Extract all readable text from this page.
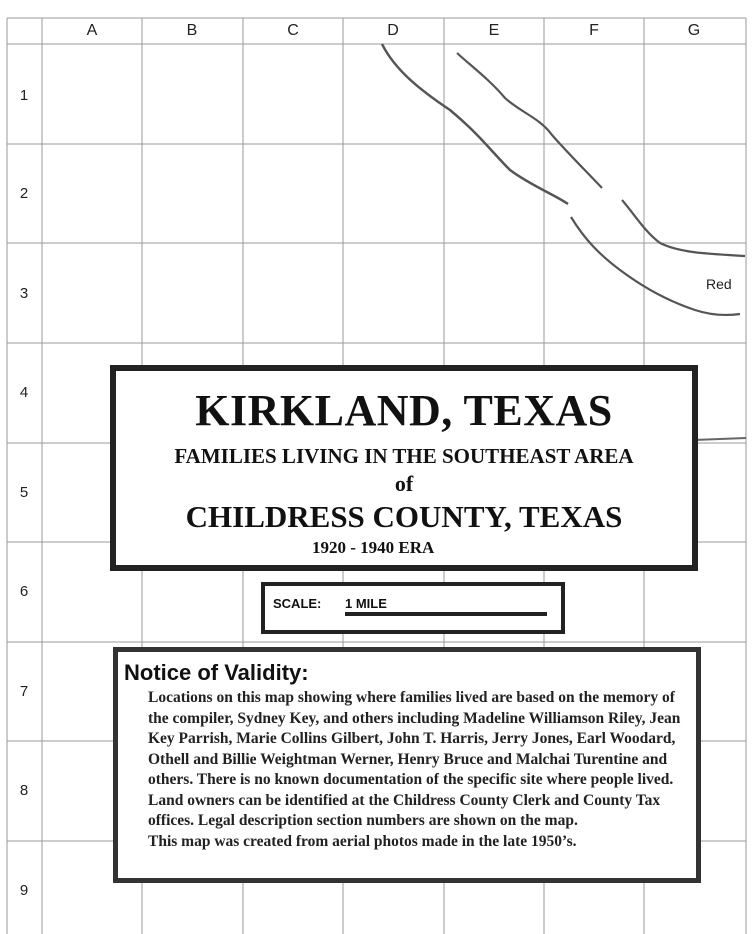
A	B	C	D	E	F	G
1
2
3
4
5
6
7
8
9
Red
KIRKLAND, TEXAS
FAMILIES LIVING IN THE SOUTHEAST AREA
of
CHILDRESS COUNTY, TEXAS
1920 - 1940 ERA
SCALE: 1 MILE
Notice of Validity:

Locations on this map showing where families lived are based on the memory of the compiler, Sydney Key, and others including Madeline Williamson Riley, Jean Key Parrish, Marie Collins Gilbert, John T. Harris, Jerry Jones, Earl Woodard, Othell and Billie Weightman Werner, Henry Bruce and Malchai Turentine and others. There is no known documentation of the specific site where people lived. Land owners can be identified at the Childress County Clerk and County Tax offices. Legal description section numbers are shown on the map.

This map was created from aerial photos made in the late 1950’s.
